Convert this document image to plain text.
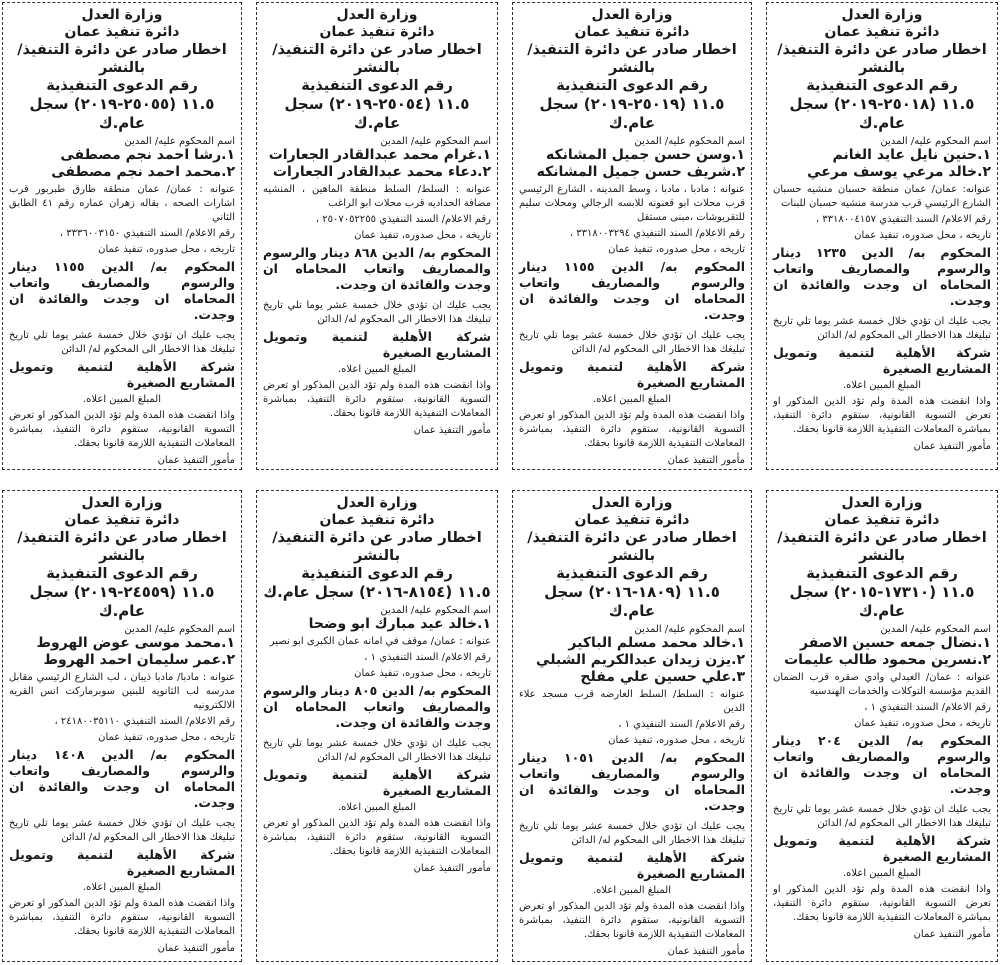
وزارة العدل
دائرة تنفيذ عمان
اخطار صادر عن دائرة التنفيذ/بالنشر
رقم الدعوى التنفيذية
١١.٥ (٢٥٠١٨-٢٠١٩) سجل عام.ك
اسم المحكوم عليه/ المدين
١.حنين نايل عايد الغانم
٢.خالد مرعي يوسف مرعي
عنوانه: عمان/ عمان منطقة حسبان منشيه حسبان الشارع الرئيسي قرب مدرسة منشيه حسبان للبنات
رقم الاعلام/ السند التنفيذي ٣٣١٨٠٠٤١٥٧ ،
تاريخه ، محل صدوره، تنفيذ عمان
المحكوم به/ الدين ١٢٣٥ دينار والرسوم والمصاريف واتعاب المحاماه ان وجدت والفائدة ان وجدت.
يجب عليك ان تؤدي خلال خمسة عشر يوما تلي تاريخ تبليغك هذا الاخطار الى المحكوم له/ الدائن
شركة الأهلية لتنمية وتمويل المشاريع الصغيرة
المبلغ المبين اعلاه.
واذا انقضت هذه المدة ولم تؤد الدين المذكور او تعرض التسوية القانونية، ستقوم دائرة التنفيذ، بمباشرة المعاملات التنفيذية اللازمة قانونا بحقك.
مأمور التنفيذ عمان
وزارة العدل
دائرة تنفيذ عمان
اخطار صادر عن دائرة التنفيذ/بالنشر
رقم الدعوى التنفيذية
١١.٥ (٢٥٠١٩-٢٠١٩) سجل عام.ك
اسم المحكوم عليه/ المدين
١.وسن حسن جميل المشانكه
٢.شريف حسن جميل المشانكه
عنوانه : مادبا ، مادبا ، وسط المدينه ، الشارع الرئيسي قرب محلات ابو قعنونه للابسه الرجالي ومحلات سليم للتقريوشات ،مبنى مستقل
رقم الاعلام/ السند التنفيذي ٣٣١٨٠٠٣٢٩٤ ،
تاريخه ، محل صدوره، تنفيذ عمان
المحكوم به/ الدين ١١٥٥ دينار والرسوم والمصاريف واتعاب المحاماه ان وجدت والفائدة ان وجدت.
يجب عليك ان تؤدي خلال خمسة عشر يوما تلي تاريخ تبليغك هذا الاخطار الى المحكوم له/ الدائن
شركة الأهلية لتنمية وتمويل المشاريع الصغيرة
المبلغ المبين اعلاه.
واذا انقضت هذه المدة ولم تؤد الدين المذكور او تعرض التسوية القانونية، ستقوم دائرة التنفيذ، بمباشرة المعاملات التنفيذية اللازمة قانونا بحقك.
مأمور التنفيذ عمان
وزارة العدل
دائرة تنفيذ عمان
اخطار صادر عن دائرة التنفيذ/بالنشر
رقم الدعوى التنفيذية
١١.٥ (٢٥٠٥٤-٢٠١٩) سجل عام.ك
اسم المحكوم عليه/ المدين
١.غرام محمد عبدالقادر الجعارات
٢.دعاء محمد عبدالقادر الجعارات
عنوانه : السلط/ السلط منطقة الماهين ، المنشيه مضافة الحداديه قرب محلات ابو الراغب
رقم الاعلام/ السند التنفيذي ٢٥٠٧٠٥٢٢٥٥ ،
تاريخه ، محل صدوره، تنفيذ عمان
المحكوم به/ الدين ٨٦٨ دينار والرسوم والمصاريف واتعاب المحاماه ان وجدت والفائدة ان وجدت.
يجب عليك ان تؤدي خلال خمسة عشر يوما تلي تاريخ تبليغك هذا الاخطار الى المحكوم له/ الدائن
شركة الأهلية لتنمية وتمويل المشاريع الصغيرة
المبلغ المبين اعلاه.
واذا انقضت هذه المدة ولم تؤد الدين المذكور او تعرض التسوية القانونية، ستقوم دائرة التنفيذ، بمباشرة المعاملات التنفيذية اللازمة قانونا بحقك.
مأمور التنفيذ عمان
وزارة العدل
دائرة تنفيذ عمان
اخطار صادر عن دائرة التنفيذ/بالنشر
رقم الدعوى التنفيذية
١١.٥ (٢٥٠٥٥-٢٠١٩) سجل عام.ك
اسم المحكوم عليه/ المدين
١.رشا احمد نجم مصطفى
٢.محمد احمد نجم مصطفى
عنوانه : عمان/ عمان منطقة طارق طبربور قرب اشارات الصحه ، بقاله زهران عماره رقم ٤١ الطابق الثاني
رقم الاعلام/ السند التنفيذي ٣٣٣٦٠٠٣١٥٠ ،
تاريخه ، محل صدوره، تنفيذ عمان
المحكوم به/ الدين ١١٥٥ دينار والرسوم والمصاريف واتعاب المحاماه ان وجدت والفائدة ان وجدت.
يجب عليك ان تؤدي خلال خمسة عشر يوما تلي تاريخ تبليغك هذا الاخطار الى المحكوم له/ الدائن
شركة الأهلية لتنمية وتمويل المشاريع الصغيرة
المبلغ المبين اعلاه.
واذا انقضت هذه المدة ولم تؤد الدين المذكور او تعرض التسوية القانونية، ستقوم دائرة التنفيذ، بمباشرة المعاملات التنفيذية اللازمة قانونا بحقك.
مأمور التنفيذ عمان
وزارة العدل
دائرة تنفيذ عمان
اخطار صادر عن دائرة التنفيذ/بالنشر
رقم الدعوى التنفيذية
١١.٥ (١٧٣١٠-٢٠١٥) سجل عام.ك
اسم المحكوم عليه/ المدين
١.نضال جمعه حسين الاصفر
٢.نسرين محمود طالب عليمات
عنوانه : عمان/ العبدلي وادي صقره قرب الضمان القديم مؤسسة التوكلات والخدمات الهندسيه
رقم الاعلام/ السند التنفيذي ١ ،
تاريخه ، محل صدوره، تنفيذ عمان
المحكوم به/ الدين ٢٠٤ دينار والرسوم والمصاريف واتعاب المحاماه ان وجدت والفائدة ان وجدت.
يجب عليك ان تؤدي خلال خمسة عشر يوما تلي تاريخ تبليغك هذا الاخطار الى المحكوم له/ الدائن
شركة الأهلية لتنمية وتمويل المشاريع الصغيرة
المبلغ المبين اعلاه.
واذا انقضت هذه المدة ولم تؤد الدين المذكور او تعرض التسوية القانونية، ستقوم دائرة التنفيذ، بمباشرة المعاملات التنفيذية اللازمة قانونا بحقك.
مأمور التنفيذ عمان
وزارة العدل
دائرة تنفيذ عمان
اخطار صادر عن دائرة التنفيذ/بالنشر
رقم الدعوى التنفيذية
١١.٥ (١٨٠٩-٢٠١٦) سجل عام.ك
اسم المحكوم عليه/ المدين
١.خالد محمد مسلم الباكير
٢.يزن زيدان عبدالكريم الشبلي
٣.علي حسين علي مفلح
عنوانه : السلط/ السلط العارضه قرب مسجد علاء الدين
رقم الاعلام/ السند التنفيذي ١ ،
تاريخه ، محل صدوره، تنفيذ عمان
المحكوم به/ الدين ١٠٥١ دينار والرسوم والمصاريف واتعاب المحاماه ان وجدت والفائدة ان وجدت.
يجب عليك ان تؤدي خلال خمسة عشر يوما تلي تاريخ تبليغك هذا الاخطار الى المحكوم له/ الدائن
شركة الأهلية لتنمية وتمويل المشاريع الصغيرة
المبلغ المبين اعلاه.
واذا انقضت هذه المدة ولم تؤد الدين المذكور او تعرض التسوية القانونية، ستقوم دائرة التنفيذ، بمباشرة المعاملات التنفيذية اللازمة قانونا بحقك.
مأمور التنفيذ عمان
وزارة العدل
دائرة تنفيذ عمان
اخطار صادر عن دائرة التنفيذ/بالنشر
رقم الدعوى التنفيذية
١١.٥ (٨١٥٤-٢٠١٦) سجل عام.ك
اسم المحكوم عليه/ المدين
١.خالد عيد مبارك ابو وضحا
عنوانه : عمان/ موقف في امانه عمان الكبرى ابو نصير
رقم الاعلام/ السند التنفيذي ١ ،
تاريخه ، محل صدوره، تنفيذ عمان
المحكوم به/ الدين ٨٠٥ دينار والرسوم والمصاريف واتعاب المحاماه ان وجدت والفائدة ان وجدت.
يجب عليك ان تؤدي خلال خمسة عشر يوما تلي تاريخ تبليغك هذا الاخطار الى المحكوم له/ الدائن
شركة الأهلية لتنمية وتمويل المشاريع الصغيرة
المبلغ المبين اعلاه.
واذا انقضت هذه المدة ولم تؤد الدين المذكور او تعرض التسوية القانونية، ستقوم دائرة التنفيذ، بمباشرة المعاملات التنفيذية اللازمة قانونا بحقك.
مأمور التنفيذ عمان
وزارة العدل
دائرة تنفيذ عمان
اخطار صادر عن دائرة التنفيذ/بالنشر
رقم الدعوى التنفيذية
١١.٥ (٢٤٥٥٩-٢٠١٩) سجل عام.ك
اسم المحكوم عليه/ المدين
١.محمد موسى عوض الهروط
٢.عمر سليمان احمد الهروط
عنوانه : مادبا/ مادبا ذيبان ، لب الشارع الرئيسي مقابل مدرسه لب الثانويه للبنين سوبرماركت انس القريه الالكترونيه
رقم الاعلام/ السند التنفيذي ٢٤١٨٠٠٣٥١١٠ ،
تاريخه ، محل صدوره، تنفيذ عمان
المحكوم به/ الدين ١٤٠٨ دينار والرسوم والمصاريف واتعاب المحاماه ان وجدت والفائدة ان وجدت.
يجب عليك ان تؤدي خلال خمسة عشر يوما تلي تاريخ تبليغك هذا الاخطار الى المحكوم له/ الدائن
شركة الأهلية لتنمية وتمويل المشاريع الصغيرة
المبلغ المبين اعلاه.
واذا انقضت هذه المدة ولم تؤد الدين المذكور او تعرض التسوية القانونية، ستقوم دائرة التنفيذ، بمباشرة المعاملات التنفيذية اللازمة قانونا بحقك.
مأمور التنفيذ عمان
